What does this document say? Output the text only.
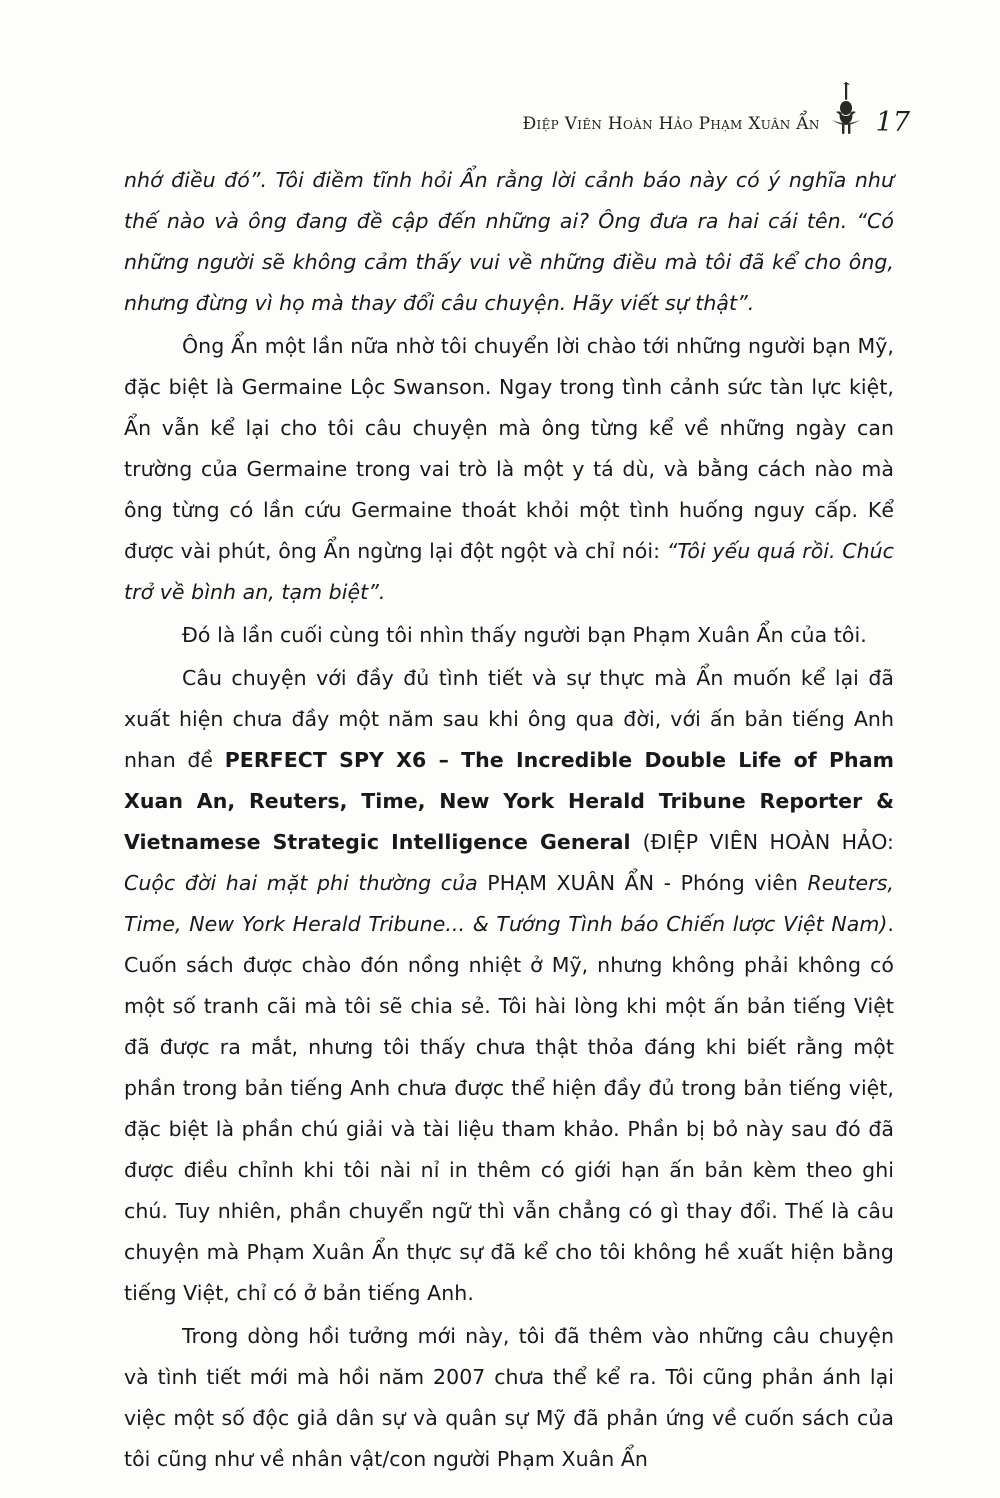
Điệp Viên Hoàn Hảo Phạm Xuân Ẩn 17

nhớ điều đó”. Tôi điềm tĩnh hỏi Ẩn rằng lời cảnh báo này có ý nghĩa như thế nào và ông đang đề cập đến những ai? Ông đưa ra hai cái tên. “Có những người sẽ không cảm thấy vui về những điều mà tôi đã kể cho ông, nhưng đừng vì họ mà thay đổi câu chuyện. Hãy viết sự thật”.

Ông Ẩn một lần nữa nhờ tôi chuyển lời chào tới những người bạn Mỹ, đặc biệt là Germaine Lộc Swanson. Ngay trong tình cảnh sức tàn lực kiệt, Ẩn vẫn kể lại cho tôi câu chuyện mà ông từng kể về những ngày can trường của Germaine trong vai trò là một y tá dù, và bằng cách nào mà ông từng có lần cứu Germaine thoát khỏi một tình huống nguy cấp. Kể được vài phút, ông Ẩn ngừng lại đột ngột và chỉ nói: “Tôi yếu quá rồi. Chúc trở về bình an, tạm biệt”.

Đó là lần cuối cùng tôi nhìn thấy người bạn Phạm Xuân Ẩn của tôi.

Câu chuyện với đầy đủ tình tiết và sự thực mà Ẩn muốn kể lại đã xuất hiện chưa đầy một năm sau khi ông qua đời, với ấn bản tiếng Anh nhan đề PERFECT SPY X6 – The Incredible Double Life of Pham Xuan An, Reuters, Time, New York Herald Tribune Reporter & Vietnamese Strategic Intelligence General (ĐIỆP VIÊN HOÀN HẢO: Cuộc đời hai mặt phi thường của PHẠM XUÂN ẨN - Phóng viên Reuters, Time, New York Herald Tribune... & Tướng Tình báo Chiến lược Việt Nam). Cuốn sách được chào đón nồng nhiệt ở Mỹ, nhưng không phải không có một số tranh cãi mà tôi sẽ chia sẻ. Tôi hài lòng khi một ấn bản tiếng Việt đã được ra mắt, nhưng tôi thấy chưa thật thỏa đáng khi biết rằng một phần trong bản tiếng Anh chưa được thể hiện đầy đủ trong bản tiếng việt, đặc biệt là phần chú giải và tài liệu tham khảo. Phần bị bỏ này sau đó đã được điều chỉnh khi tôi nài nỉ in thêm có giới hạn ấn bản kèm theo ghi chú. Tuy nhiên, phần chuyển ngữ thì vẫn chẳng có gì thay đổi. Thế là câu chuyện mà Phạm Xuân Ẩn thực sự đã kể cho tôi không hề xuất hiện bằng tiếng Việt, chỉ có ở bản tiếng Anh.

Trong dòng hồi tưởng mới này, tôi đã thêm vào những câu chuyện và tình tiết mới mà hồi năm 2007 chưa thể kể ra. Tôi cũng phản ánh lại việc một số độc giả dân sự và quân sự Mỹ đã phản ứng về cuốn sách của tôi cũng như về nhân vật/con người Phạm Xuân Ẩn
